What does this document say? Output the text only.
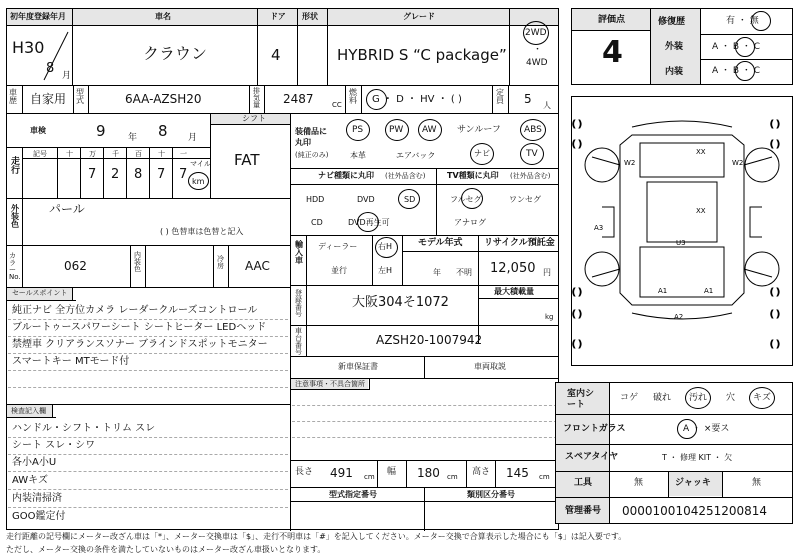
初年度登録年月	車名	ドア 形状	グレード
H30
8 月
クラウン	4	HYBRID S “C package”
2WD
・
4WD
車歴 自家用 型式	6AA-AZSH20
排気量 2487	CC
燃料 G ・ D ・ HV ・ ( )
定員 5 人
車検	9 年 8 月
シフト
FAT
走行
記号	十 万 千 百 十 一
7 2 8 7 7
マイル
km
装備品に丸印
(純正のみ)
PS	PW AW サンルーフ	ABS
本革	エアバック	ナビ	TV
ナビ種類に丸印 (社外品含む)	TV種類に丸印 (社外品含む)
HDD	DVD	SD
CD	DVD再生可
フルセグ	ワンセグ
アナログ
外装色
パール
( ) 色替車は色替と記入
輸入車
ディーラー
並行
右H
左H
モデル年式
年 不明
リサイクル預託金
12,050 円
カラーNo.
062
内装色
冷房 AAC
セールスポイント
純正ナビ 全方位カメラ レーダークルーズコントロール
ブルートゥースパワーシート シートヒーター LEDヘッド
禁煙車 クリアランスソナー ブラインドスポットモニター
スマートキー MTモード付
登録番号
大阪304そ1072
最大積載量
kg
車台番号
AZSH20-1007942
新車保証書	車両取説
注意事項・不具合箇所
検査記入欄
ハンドル・シフト・トリム スレ
シート スレ・シワ
各小A小U
AWキズ
内装清掃済
GOO鑑定付
長さ 491 cm 幅 180 cm 高さ 145 cm
型式指定番号	類別区分番号
評価点
4
修復歴
外装
内装
有 ・ 無
A ・ B ・ C
A ・ B ・ C
( )
( )
( )
( )
( )
( )
( )
( )
( )	( )
W2
XX
W2
A3
U3
A1	A1
A2
XX
室内シート
コゲ 破れ 汚れ 穴 キズ
フロントガラス	A ・ ×要ス
スペアタイヤ	T ・ 修理 KIT ・ 欠
工具	無	ジャッキ	無
管理番号 0000100104251200814
走行距離の記号欄にメーター改ざん車は「*」、メーター交換車は「$」、走行不明車は「#」を記入してください。メーター交換で合算表示した場合にも「$」は記入要です。
ただし、メーター交換の条件を満たしていないものはメーター改ざん車扱いとなります。
